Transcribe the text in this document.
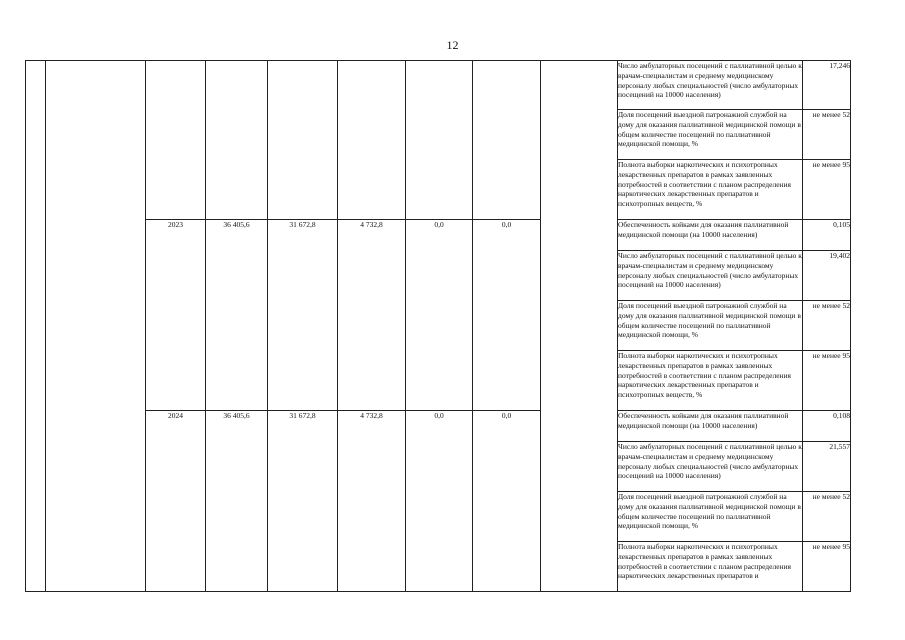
12
									Число амбулаторных посещений с паллиативной целью к врачам-специалистам и среднему медицинскому персоналу любых специальностей (число амбулаторных посещений на 10000 населения)	17,246
									Доля посещений выездной патронажной службой на дому для оказания паллиативной медицинской помощи в общем количестве посещений по паллиативной медицинской помощи, %	не менее 52
									Полнота выборки наркотических и психотропных лекарственных препаратов в рамках заявленных потребностей в соответствии с планом распределения наркотических лекарственных препаратов и психотропных веществ, %	не менее 95
		2023	36 405,6	31 672,8	4 732,8	0,0	0,0		Обеспеченность койками для оказания паллиативной медицинской помощи (на 10000 населения)	0,105
									Число амбулаторных посещений с паллиативной целью к врачам-специалистам и среднему медицинскому персоналу любых специальностей (число амбулаторных посещений на 10000 населения)	19,402
									Доля посещений выездной патронажной службой на дому для оказания паллиативной медицинской помощи в общем количестве посещений по паллиативной медицинской помощи, %	не менее 52
									Полнота выборки наркотических и психотропных лекарственных препаратов в рамках заявленных потребностей в соответствии с планом распределения наркотических лекарственных препаратов и психотропных веществ, %	не менее 95
		2024	36 405,6	31 672,8	4 732,8	0,0	0,0		Обеспеченность койками для оказания паллиативной медицинской помощи (на 10000 населения)	0,108
									Число амбулаторных посещений с паллиативной целью к врачам-специалистам и среднему медицинскому персоналу любых специальностей (число амбулаторных посещений на 10000 населения)	21,557
									Доля посещений выездной патронажной службой на дому для оказания паллиативной медицинской помощи в общем количестве посещений по паллиативной медицинской помощи, %	не менее 52
									Полнота выборки наркотических и психотропных лекарственных препаратов в рамках заявленных потребностей в соответствии с планом распределения наркотических лекарственных препаратов и	не менее 95
